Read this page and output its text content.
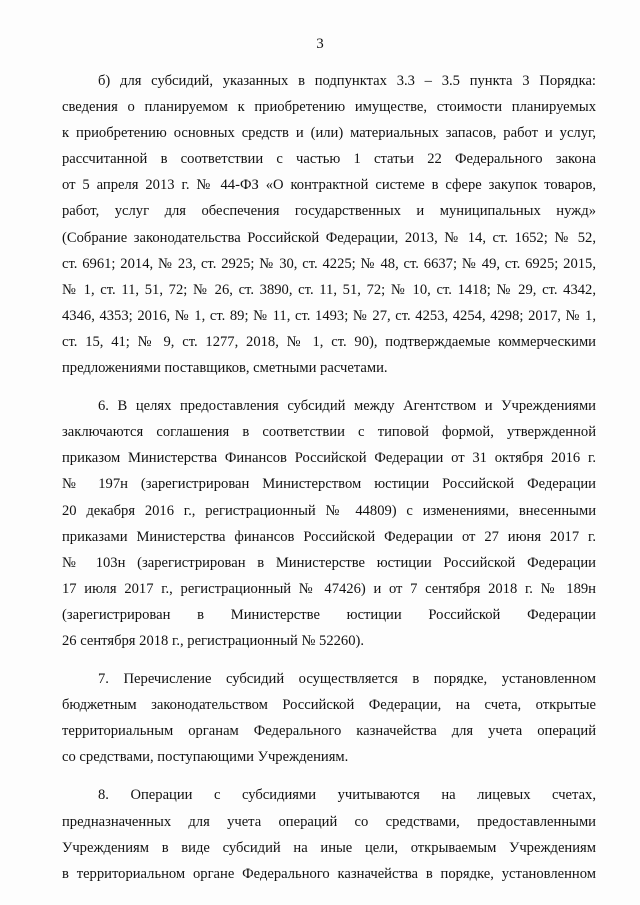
3

б) для субсидий, указанных в подпунктах 3.3 – 3.5 пункта 3 Порядка:
сведения о планируемом к приобретению имуществе, стоимости планируемых
к приобретению основных средств и (или) материальных запасов, работ и услуг,
рассчитанной в соответствии с частью 1 статьи 22 Федерального закона
от 5 апреля 2013 г. № 44-ФЗ «О контрактной системе в сфере закупок товаров,
работ, услуг для обеспечения государственных и муниципальных нужд»
(Собрание законодательства Российской Федерации, 2013, № 14, ст. 1652; № 52,
ст. 6961; 2014, № 23, ст. 2925; № 30, ст. 4225; № 48, ст. 6637; № 49, ст. 6925; 2015,
№ 1, ст. 11, 51, 72; № 26, ст. 3890, ст. 11, 51, 72; № 10, ст. 1418; № 29, ст. 4342,
4346, 4353; 2016, № 1, ст. 89; № 11, ст. 1493; № 27, ст. 4253, 4254, 4298; 2017, № 1,
ст. 15, 41; № 9, ст. 1277, 2018, № 1, ст. 90), подтверждаемые коммерческими
предложениями поставщиков, сметными расчетами.

6. В целях предоставления субсидий между Агентством и Учреждениями
заключаются соглашения в соответствии с типовой формой, утвержденной
приказом Министерства Финансов Российской Федерации от 31 октября 2016 г.
№ 197н (зарегистрирован Министерством юстиции Российской Федерации
20 декабря 2016 г., регистрационный № 44809) с изменениями, внесенными
приказами Министерства финансов Российской Федерации от 27 июня 2017 г.
№ 103н (зарегистрирован в Министерстве юстиции Российской Федерации
17 июля 2017 г., регистрационный № 47426) и от 7 сентября 2018 г. № 189н
(зарегистрирован в Министерстве юстиции Российской Федерации
26 сентября 2018 г., регистрационный № 52260).

7. Перечисление субсидий осуществляется в порядке, установленном
бюджетным законодательством Российской Федерации, на счета, открытые
территориальным органам Федерального казначейства для учета операций
со средствами, поступающими Учреждениям.

8. Операции с субсидиями учитываются на лицевых счетах,
предназначенных для учета операций со средствами, предоставленными
Учреждениям в виде субсидий на иные цели, открываемым Учреждениям
в территориальном органе Федерального казначейства в порядке, установленном
